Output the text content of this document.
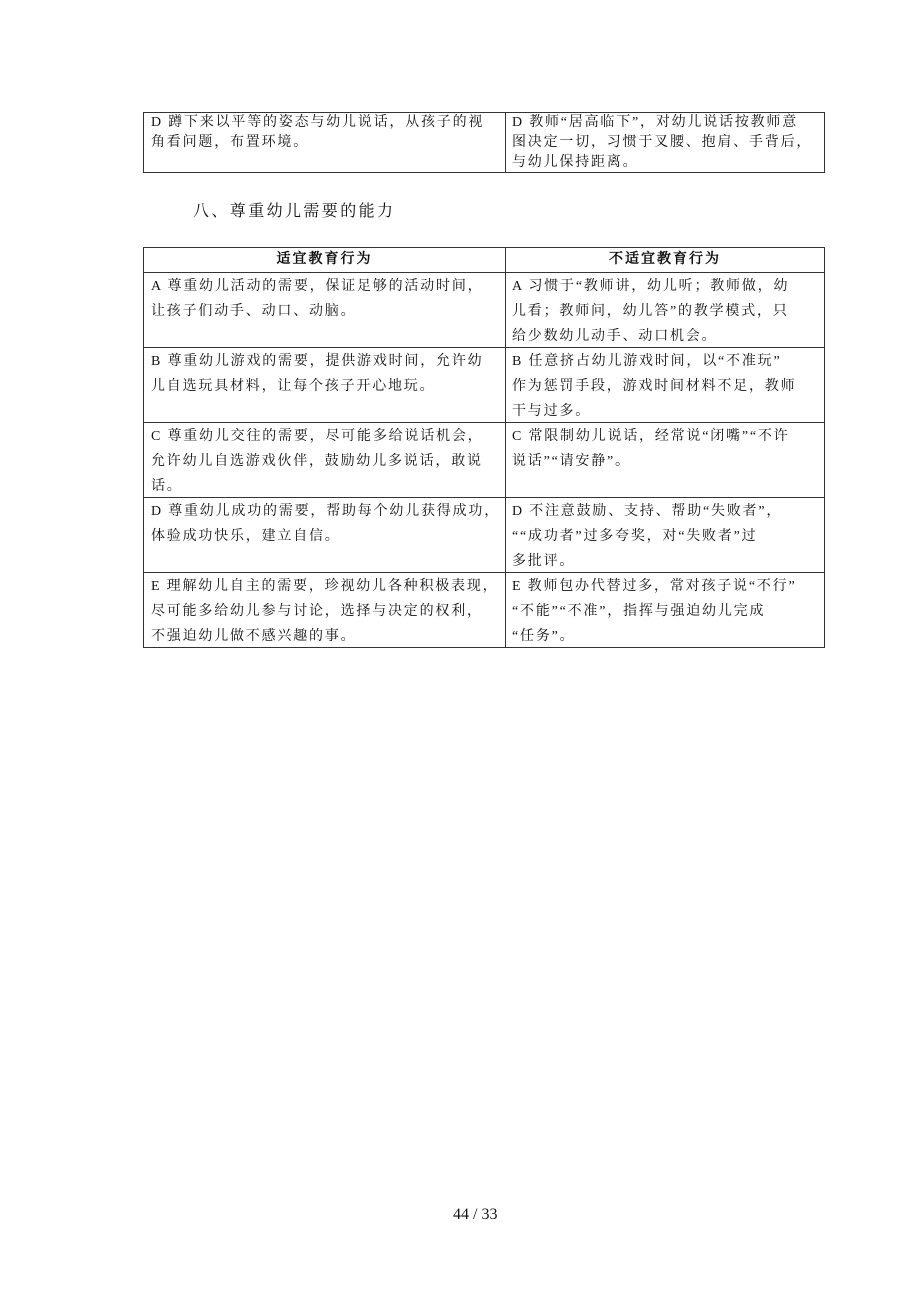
D 蹲下来以平等的姿态与幼儿说话，从孩子的视
角看问题，布置环境。
D 教师“居高临下”，对幼儿说话按教师意
图决定一切，习惯于叉腰、抱肩、手背后，
与幼儿保持距离。
八、尊重幼儿需要的能力
适宜教育行为	不适宜教育行为
A 尊重幼儿活动的需要，保证足够的活动时间，
让孩子们动手、动口、动脑。
A 习惯于“教师讲，幼儿听；教师做，幼
儿看；教师问，幼儿答”的教学模式，只
给少数幼儿动手、动口机会。
B 尊重幼儿游戏的需要，提供游戏时间，允许幼
儿自选玩具材料，让每个孩子开心地玩。
B 任意挤占幼儿游戏时间，以“不准玩”
作为惩罚手段，游戏时间材料不足，教师
干与过多。
C 尊重幼儿交往的需要，尽可能多给说话机会，
允许幼儿自选游戏伙伴，鼓励幼儿多说话，敢说
话。
C 常限制幼儿说话，经常说“闭嘴”“不许
说话”“请安静”。
D 尊重幼儿成功的需要，帮助每个幼儿获得成功，
体验成功快乐，建立自信。
D 不注意鼓励、支持、帮助“失败者”，
““成功者”过多夸奖，对“失败者”过
多批评。
E 理解幼儿自主的需要，珍视幼儿各种积极表现，
尽可能多给幼儿参与讨论，选择与决定的权利，
不强迫幼儿做不感兴趣的事。
E 教师包办代替过多，常对孩子说“不行”
“不能”“不准”，指挥与强迫幼儿完成
“任务”。
44 / 33
